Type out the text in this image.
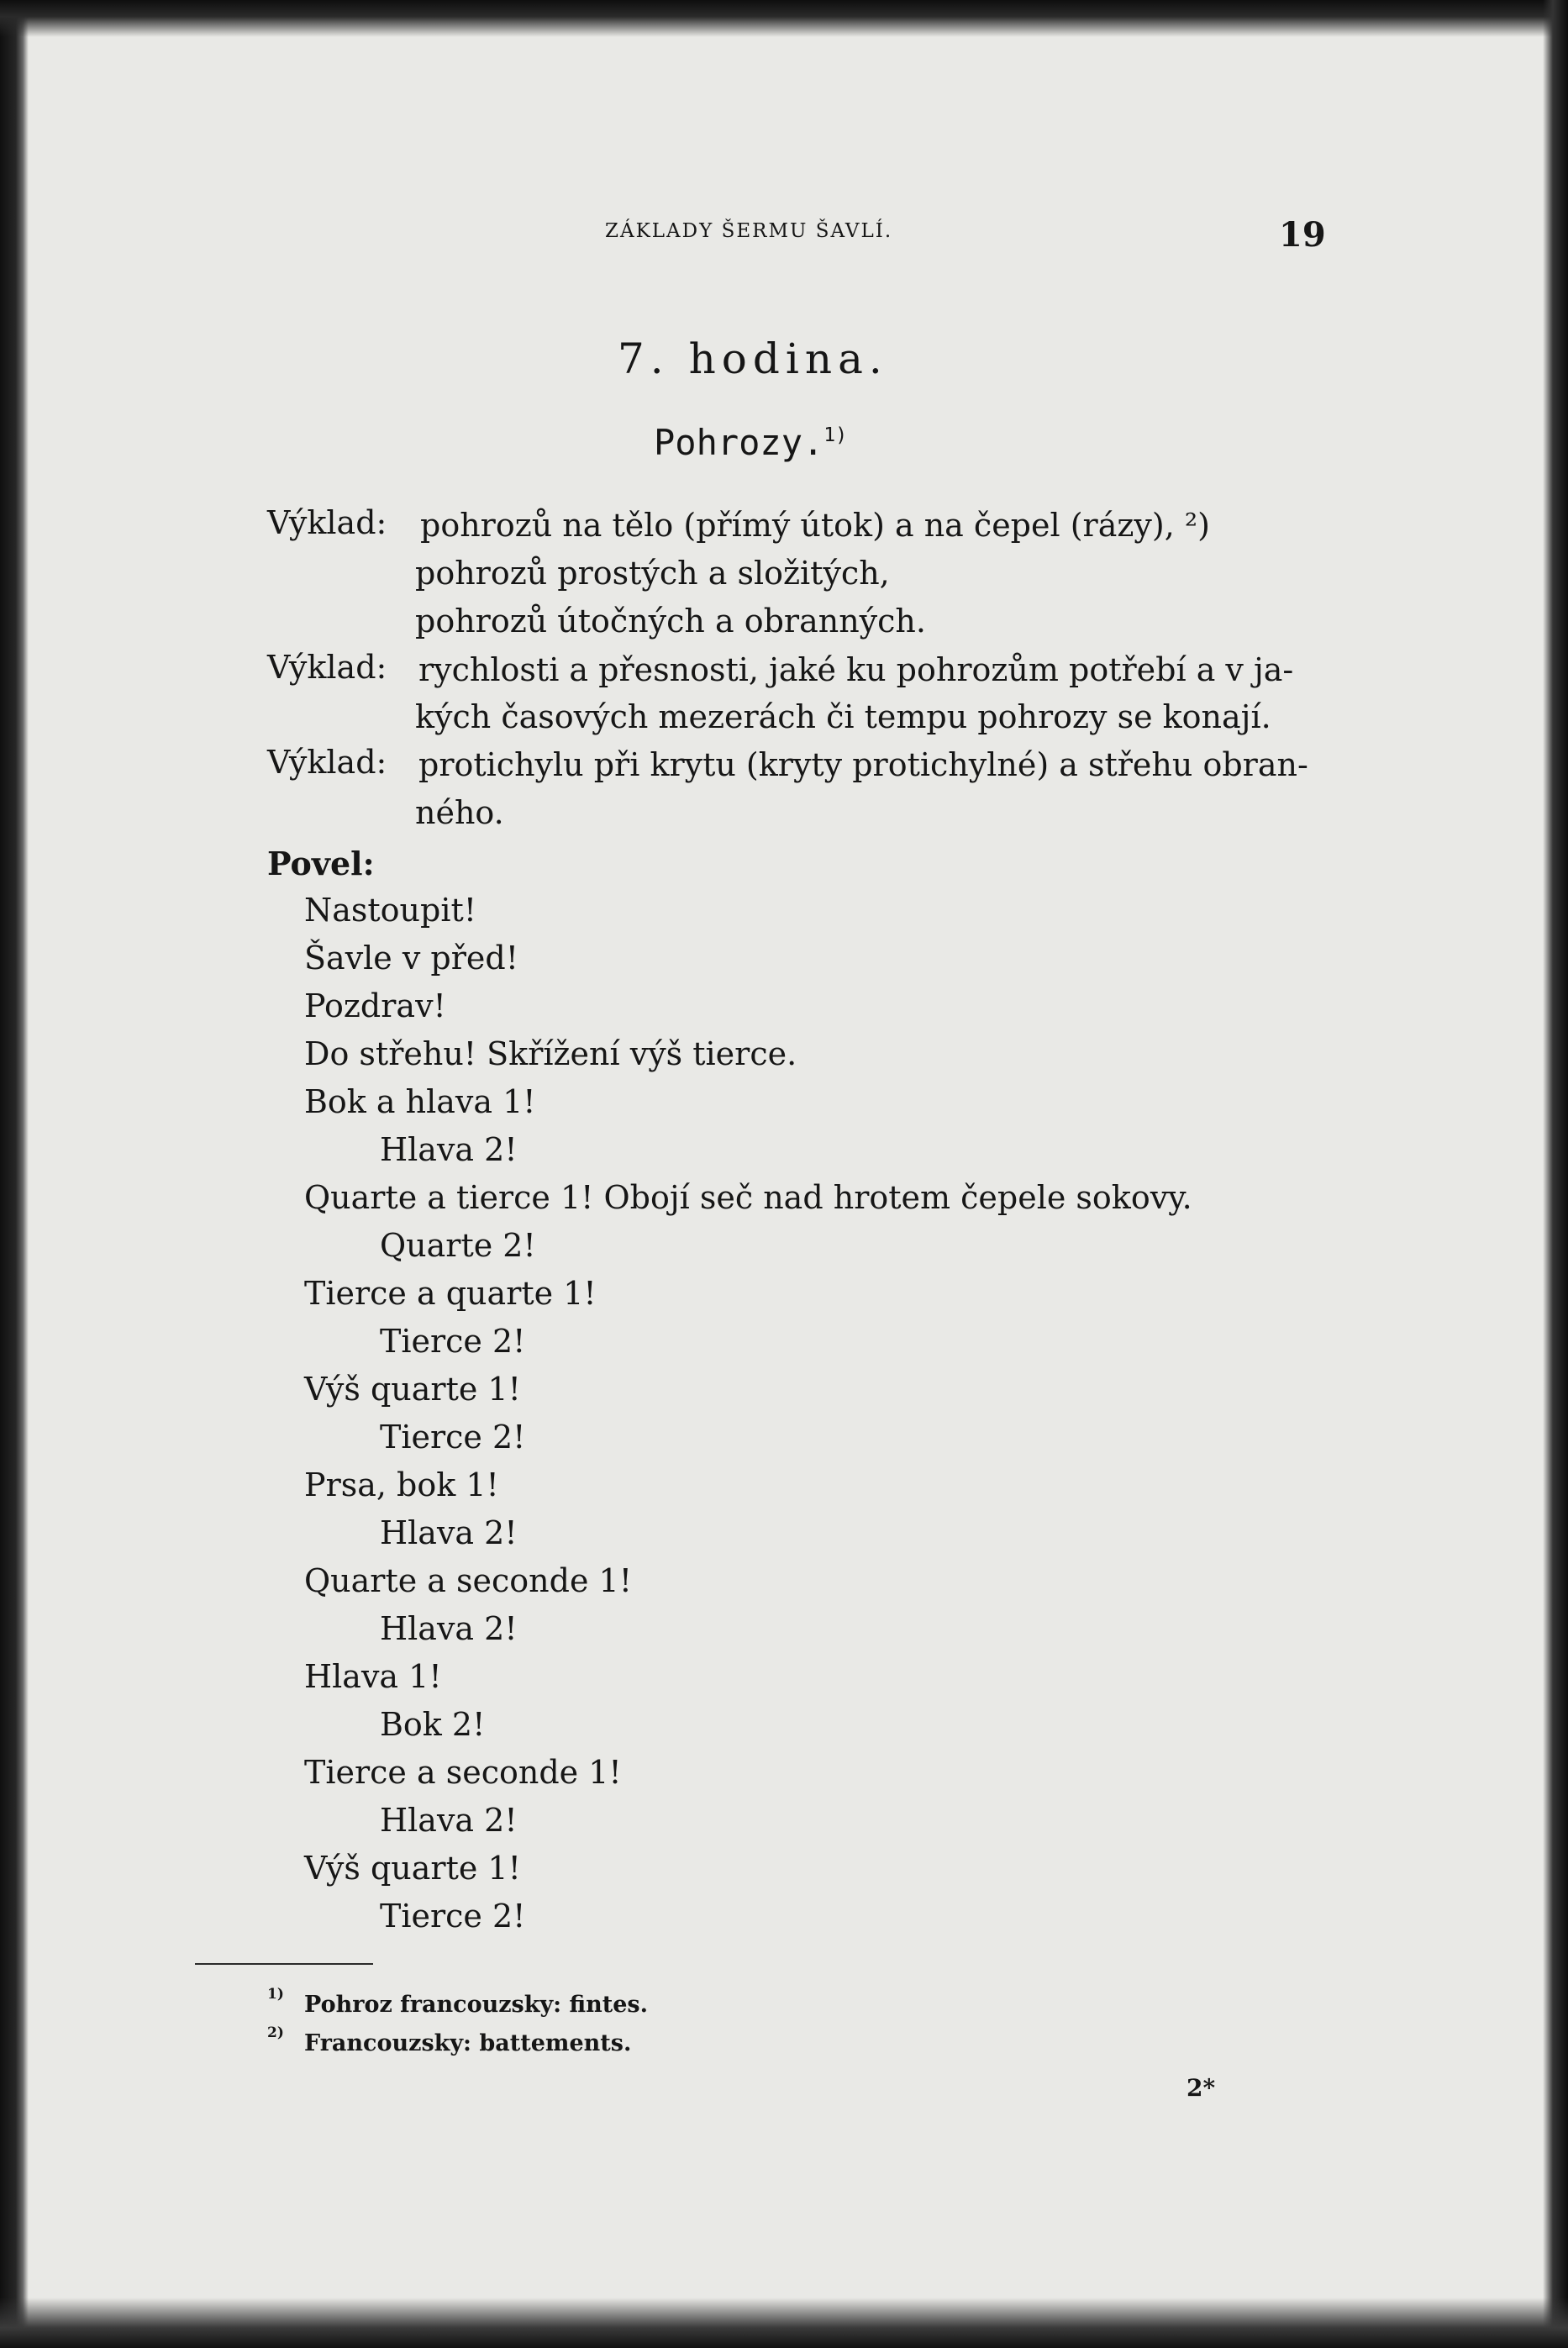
ZÁKLADY ŠERMU ŠAVLÍ.	19
7. hodina.
Pohrozy.$^{1)}$
Výklad: pohrozů na tělo (přímý útok) a na čepel (rázy), ²)
pohrozů prostých a složitých,
pohrozů útočných a obranných.
Výklad: rychlosti a přesnosti, jaké ku pohrozům potřebí a v ja-
kých časových mezerách či tempu pohrozy se konají.
Výklad: protichylu při krytu (kryty protichylné) a střehu obran-
ného.
Povel:
Nastoupit!
Šavle v před!
Pozdrav!
Do střehu! Skřížení výš tierce.
Bok a hlava 1!
Hlava 2!
Quarte a tierce 1! Obojí seč nad hrotem čepele sokovy.
Quarte 2!
Tierce a quarte 1!
Tierce 2!
Výš quarte 1!
Tierce 2!
Prsa, bok 1!
Hlava 2!
Quarte a seconde 1!
Hlava 2!
Hlava 1!
Bok 2!
Tierce a seconde 1!
Hlava 2!
Výš quarte 1!
Tierce 2!
1) Pohroz francouzsky: fintes.
2) Francouzsky: battements.
2*
